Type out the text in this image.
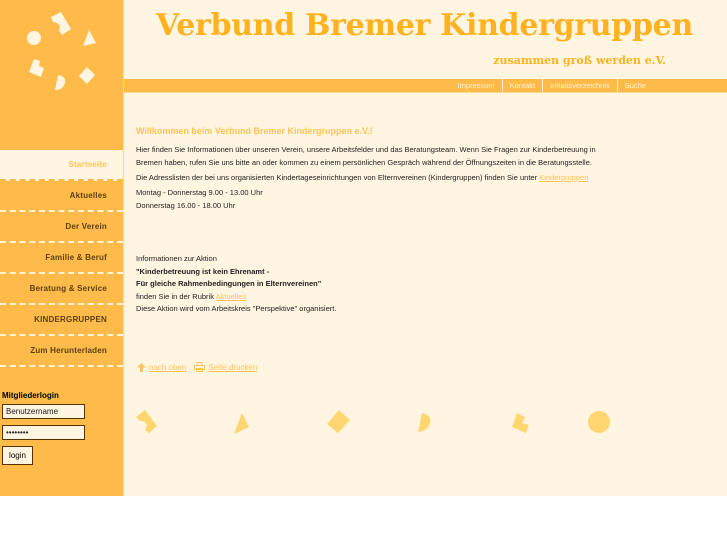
Startseite
Aktuelles
Der Verein
Familie & Beruf
Beratung & Service
KINDERGRUPPEN
Zum Herunterladen
Mitgliederlogin
Benutzername
••••••••
login
Verbund Bremer Kindergruppen
zusammen groß werden e.V.
Impressum	Kontakt	Inhaltsverzeichnis	Suche

Willkommen beim Verbund Bremer Kindergruppen e.V.!

Hier finden Sie Informationen über unseren Verein, unsere Arbeitsfelder und das Beratungsteam. Wenn Sie Fragen zur Kinderbetreuung in

Bremen haben, rufen Sie uns bitte an oder kommen zu einem persönlichen Gespräch während der Öffnungszeiten in die Beratungsstelle.

Die Adresslisten der bei uns organisierten Kindertageseinrichtungen von Elternvereinen (Kindergruppen) finden Sie unter Kindergruppen

Montag - Donnerstag 9.00 - 13.00 Uhr

Donnerstag 16.00 - 18.00 Uhr

Informationen zur Aktion
"Kinderbetreuung ist kein Ehrenamt -
Für gleiche Rahmenbedingungen in Elternvereinen"
finden Sie in der Rubrik Aktuelles
Diese Aktion wird vom Arbeitskreis "Perspektive" organisiert.
nach oben	Seite drucken
